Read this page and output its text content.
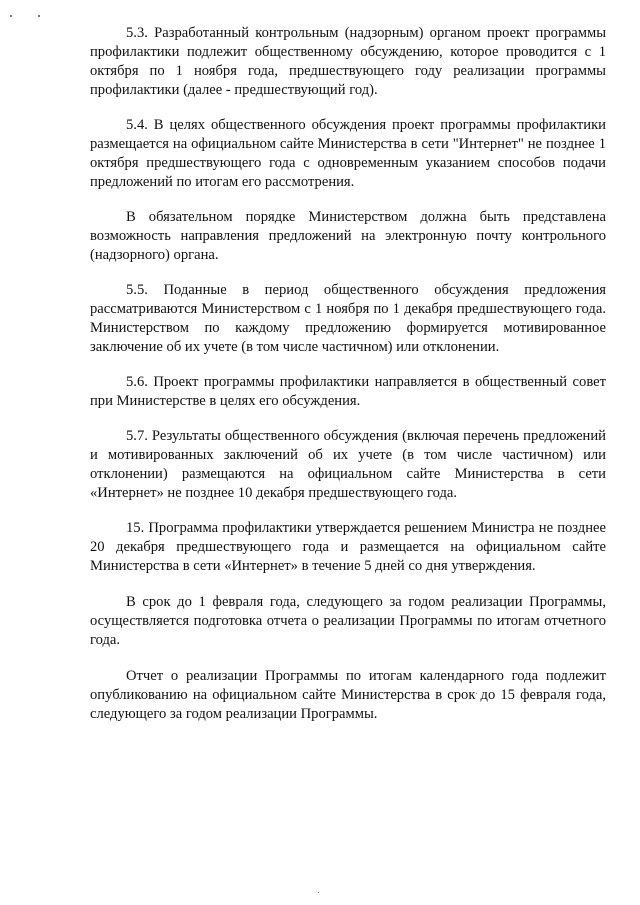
5.3. Разработанный контрольным (надзорным) органом проект программы профилактики подлежит общественному обсуждению, которое проводится с 1 октября по 1 ноября года, предшествующего году реализации программы профилактики (далее - предшествующий год).

5.4. В целях общественного обсуждения проект программы профилактики размещается на официальном сайте Министерства в сети "Интернет" не позднее 1 октября предшествующего года с одновременным указанием способов подачи предложений по итогам его рассмотрения.

В обязательном порядке Министерством должна быть представлена возможность направления предложений на электронную почту контрольного (надзорного) органа.

5.5. Поданные в период общественного обсуждения предложения рассматриваются Министерством с 1 ноября по 1 декабря предшествующего года. Министерством по каждому предложению формируется мотивированное заключение об их учете (в том числе частичном) или отклонении.

5.6. Проект программы профилактики направляется в общественный совет при Министерстве в целях его обсуждения.

5.7. Результаты общественного обсуждения (включая перечень предложений и мотивированных заключений об их учете (в том числе частичном) или отклонении) размещаются на официальном сайте Министерства в сети «Интернет» не позднее 10 декабря предшествующего года.

15. Программа профилактики утверждается решением Министра не позднее 20 декабря предшествующего года и размещается на официальном сайте Министерства в сети «Интернет» в течение 5 дней со дня утверждения.

В срок до 1 февраля года, следующего за годом реализации Программы, осуществляется подготовка отчета о реализации Программы по итогам отчетного года.

Отчет о реализации Программы по итогам календарного года подлежит опубликованию на официальном сайте Министерства в срок до 15 февраля года, следующего за годом реализации Программы.
